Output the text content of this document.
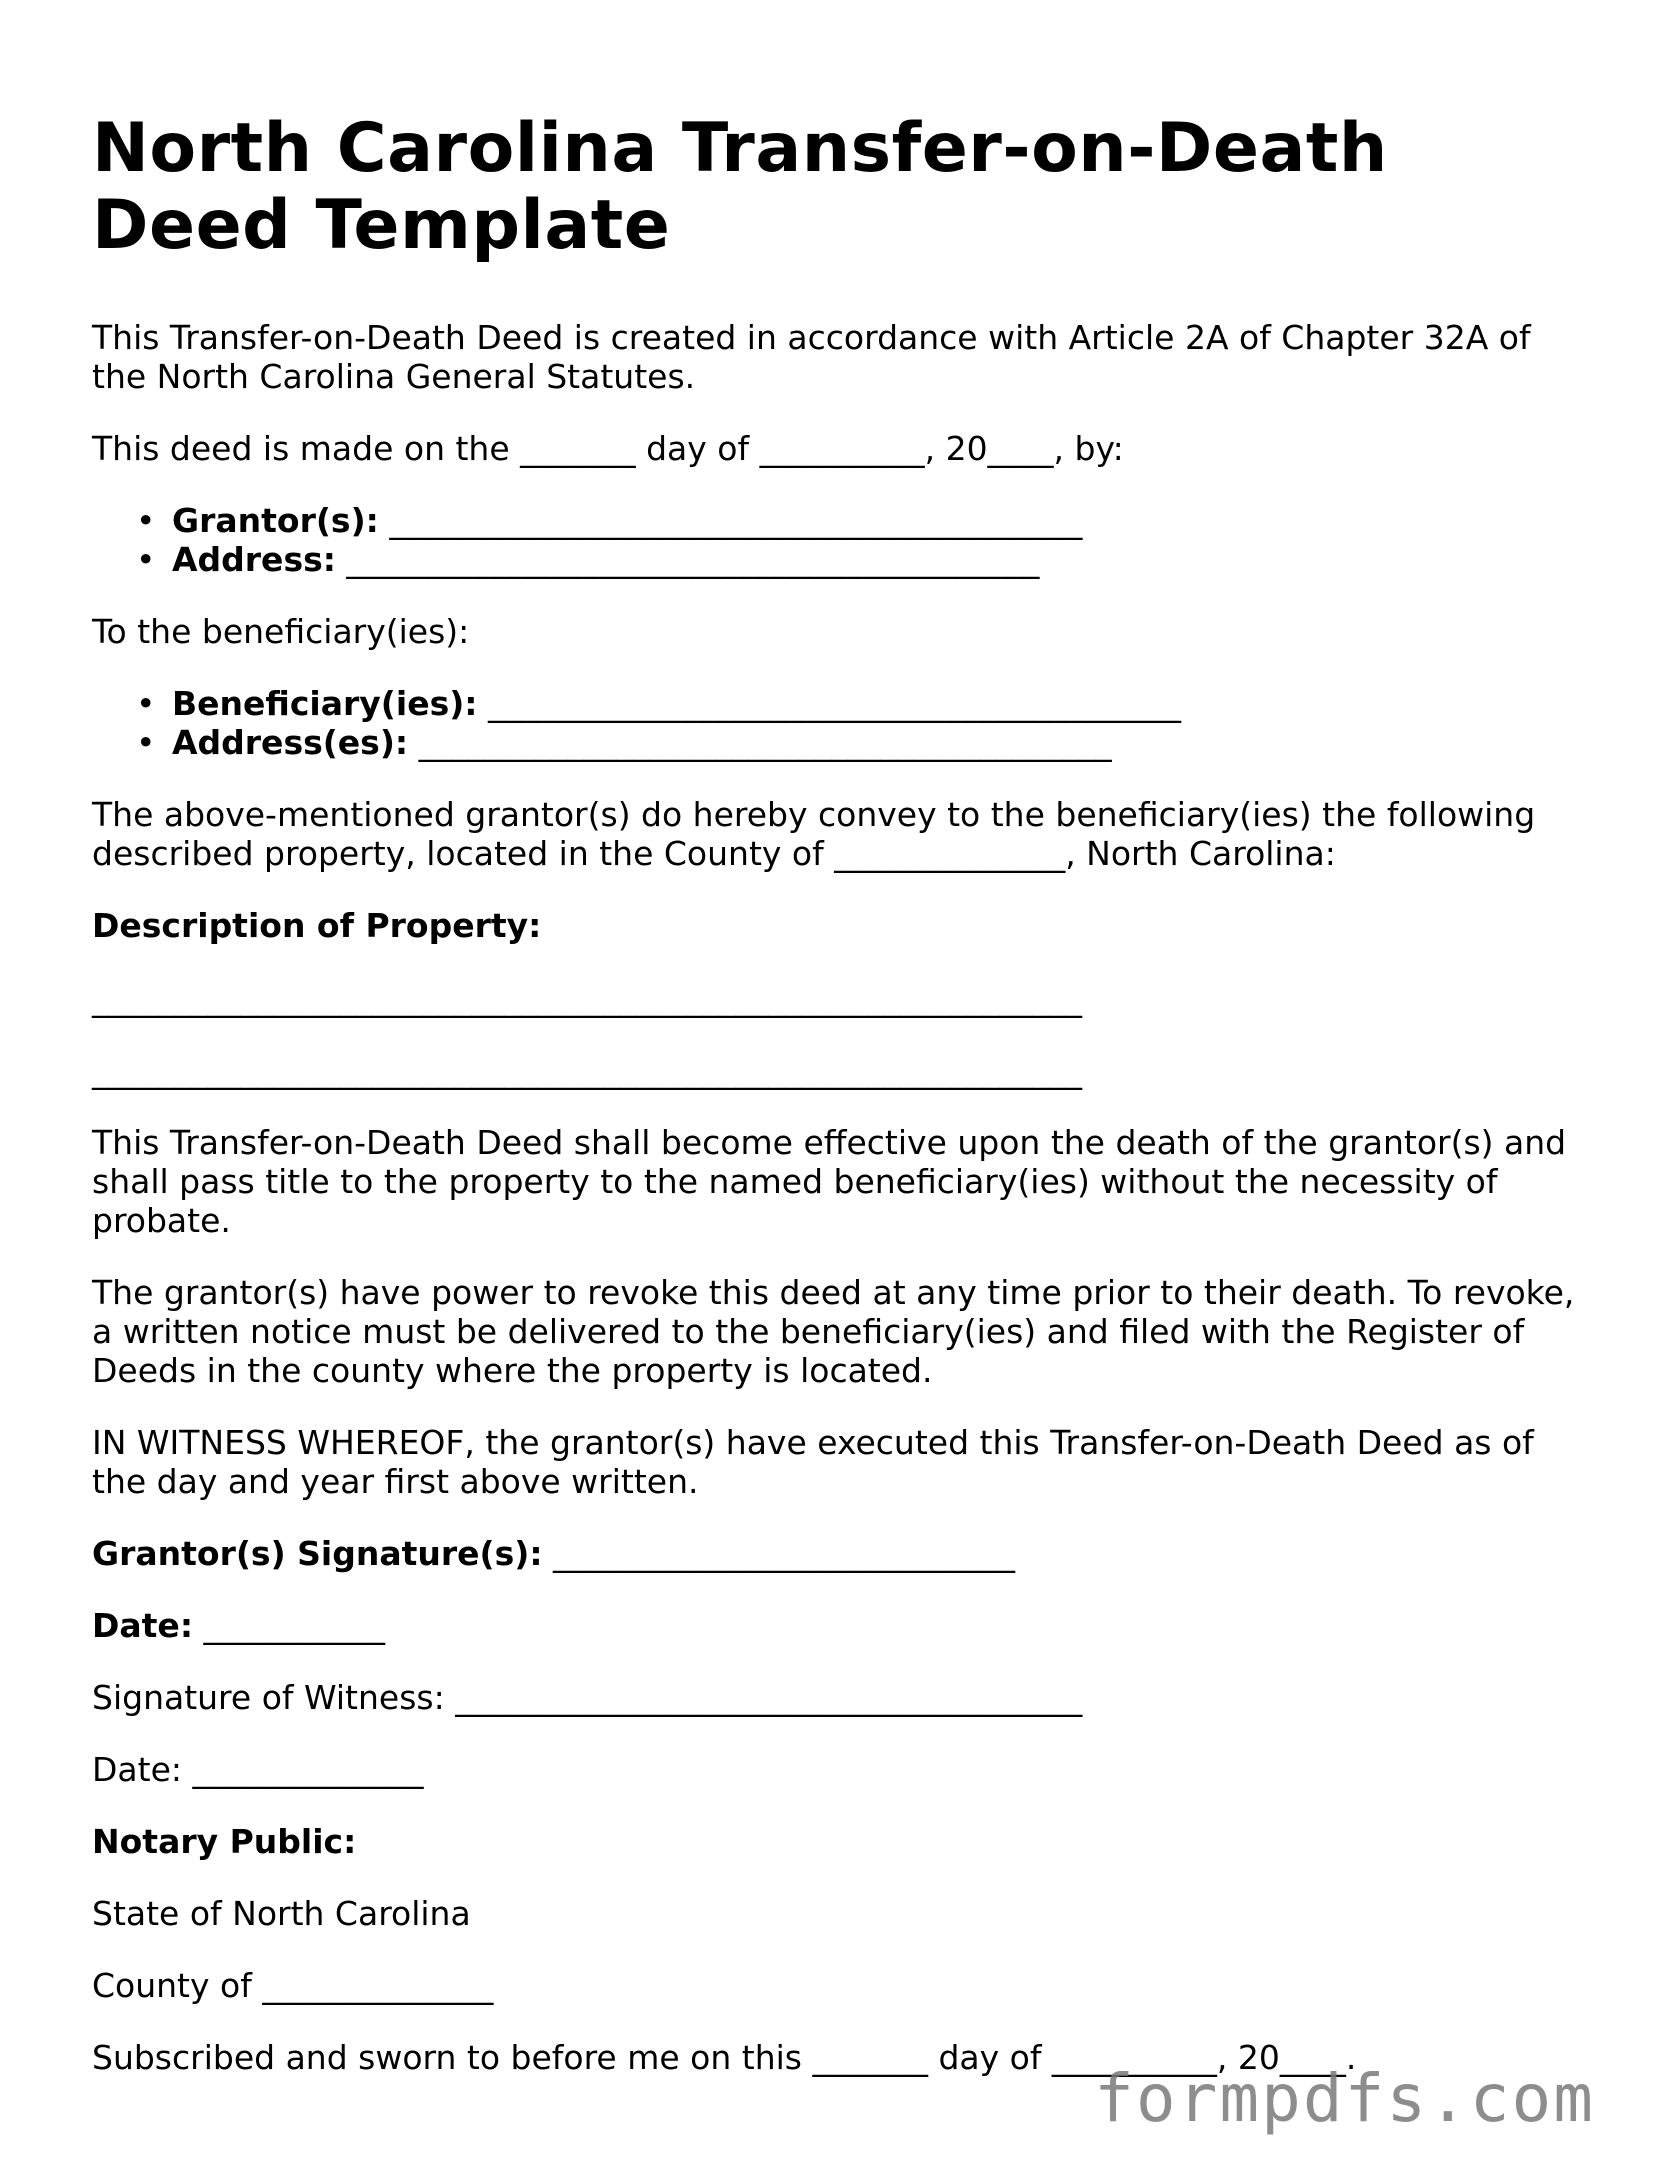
North Carolina Transfer-on-Death Deed Template

This Transfer-on-Death Deed is created in accordance with Article 2A of Chapter 32A of the North Carolina General Statutes.

This deed is made on the _______ day of __________, 20____, by:

• Grantor(s): __________________________________________
• Address: __________________________________________

To the beneficiary(ies):

• Beneficiary(ies): __________________________________________
• Address(es): __________________________________________

The above-mentioned grantor(s) do hereby convey to the beneficiary(ies) the following described property, located in the County of ______________, North Carolina:

Description of Property:

____________________________________________________________
____________________________________________________________

This Transfer-on-Death Deed shall become effective upon the death of the grantor(s) and shall pass title to the property to the named beneficiary(ies) without the necessity of probate.

The grantor(s) have power to revoke this deed at any time prior to their death. To revoke, a written notice must be delivered to the beneficiary(ies) and filed with the Register of Deeds in the county where the property is located.

IN WITNESS WHEREOF, the grantor(s) have executed this Transfer-on-Death Deed as of the day and year first above written.

Grantor(s) Signature(s): ____________________________

Date: ___________

Signature of Witness: ______________________________________

Date: ______________

Notary Public:

State of North Carolina

County of ______________

Subscribed and sworn to before me on this _______ day of __________, 20____.

formpdfs.com
